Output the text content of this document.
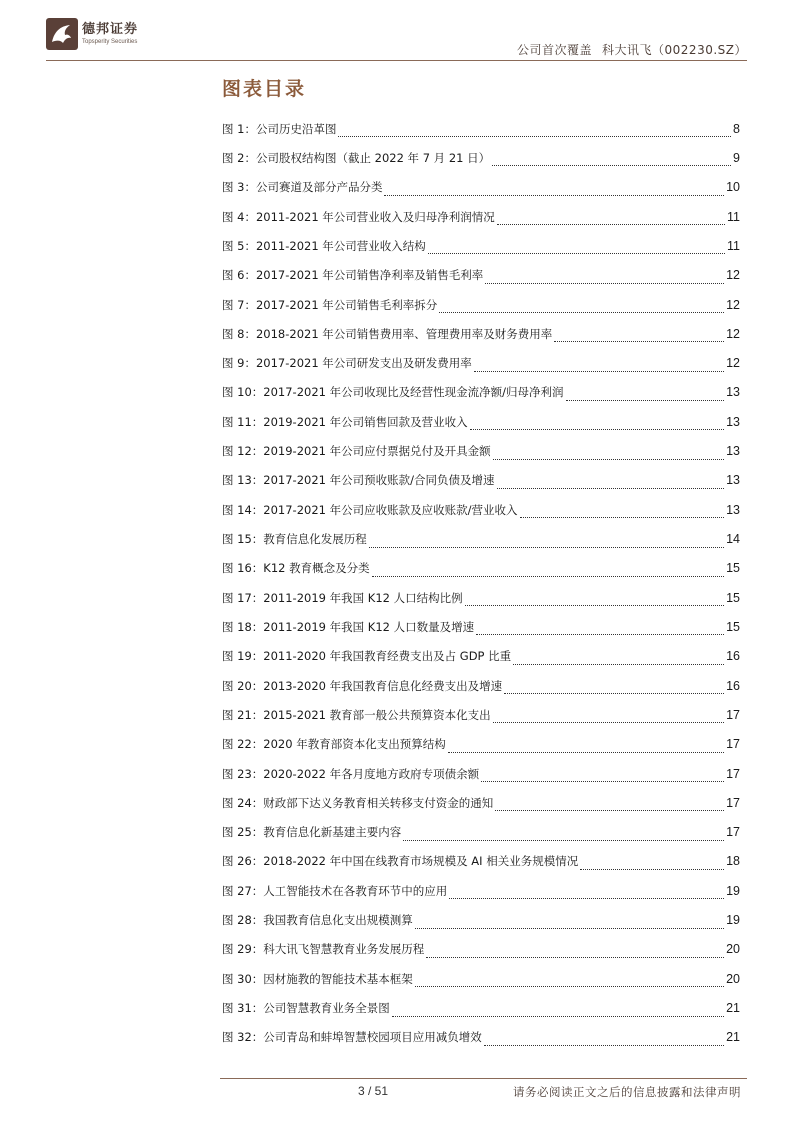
德邦证券
Topsperity Securities
公司首次覆盖 科大讯飞（002230.SZ）
图表目录
图 1：公司历史沿革图	8
图 2：公司股权结构图（截止 2022 年 7 月 21 日）	9
图 3：公司赛道及部分产品分类	10
图 4：2011-2021 年公司营业收入及归母净利润情况	11
图 5：2011-2021 年公司营业收入结构	11
图 6：2017-2021 年公司销售净利率及销售毛利率	12
图 7：2017-2021 年公司销售毛利率拆分	12
图 8：2018-2021 年公司销售费用率、管理费用率及财务费用率	12
图 9：2017-2021 年公司研发支出及研发费用率	12
图 10：2017-2021 年公司收现比及经营性现金流净额/归母净利润	13
图 11：2019-2021 年公司销售回款及营业收入	13
图 12：2019-2021 年公司应付票据兑付及开具金额	13
图 13：2017-2021 年公司预收账款/合同负债及增速	13
图 14：2017-2021 年公司应收账款及应收账款/营业收入	13
图 15：教育信息化发展历程	14
图 16：K12 教育概念及分类	15
图 17：2011-2019 年我国 K12 人口结构比例	15
图 18：2011-2019 年我国 K12 人口数量及增速	15
图 19：2011-2020 年我国教育经费支出及占 GDP 比重	16
图 20：2013-2020 年我国教育信息化经费支出及增速	16
图 21：2015-2021 教育部一般公共预算资本化支出	17
图 22：2020 年教育部资本化支出预算结构	17
图 23：2020-2022 年各月度地方政府专项债余额	17
图 24：财政部下达义务教育相关转移支付资金的通知	17
图 25：教育信息化新基建主要内容	17
图 26：2018-2022 年中国在线教育市场规模及 AI 相关业务规模情况	18
图 27：人工智能技术在各教育环节中的应用	19
图 28：我国教育信息化支出规模测算	19
图 29：科大讯飞智慧教育业务发展历程	20
图 30：因材施教的智能技术基本框架	20
图 31：公司智慧教育业务全景图	21
图 32：公司青岛和蚌埠智慧校园项目应用减负增效	21
3 / 51	请务必阅读正文之后的信息披露和法律声明
